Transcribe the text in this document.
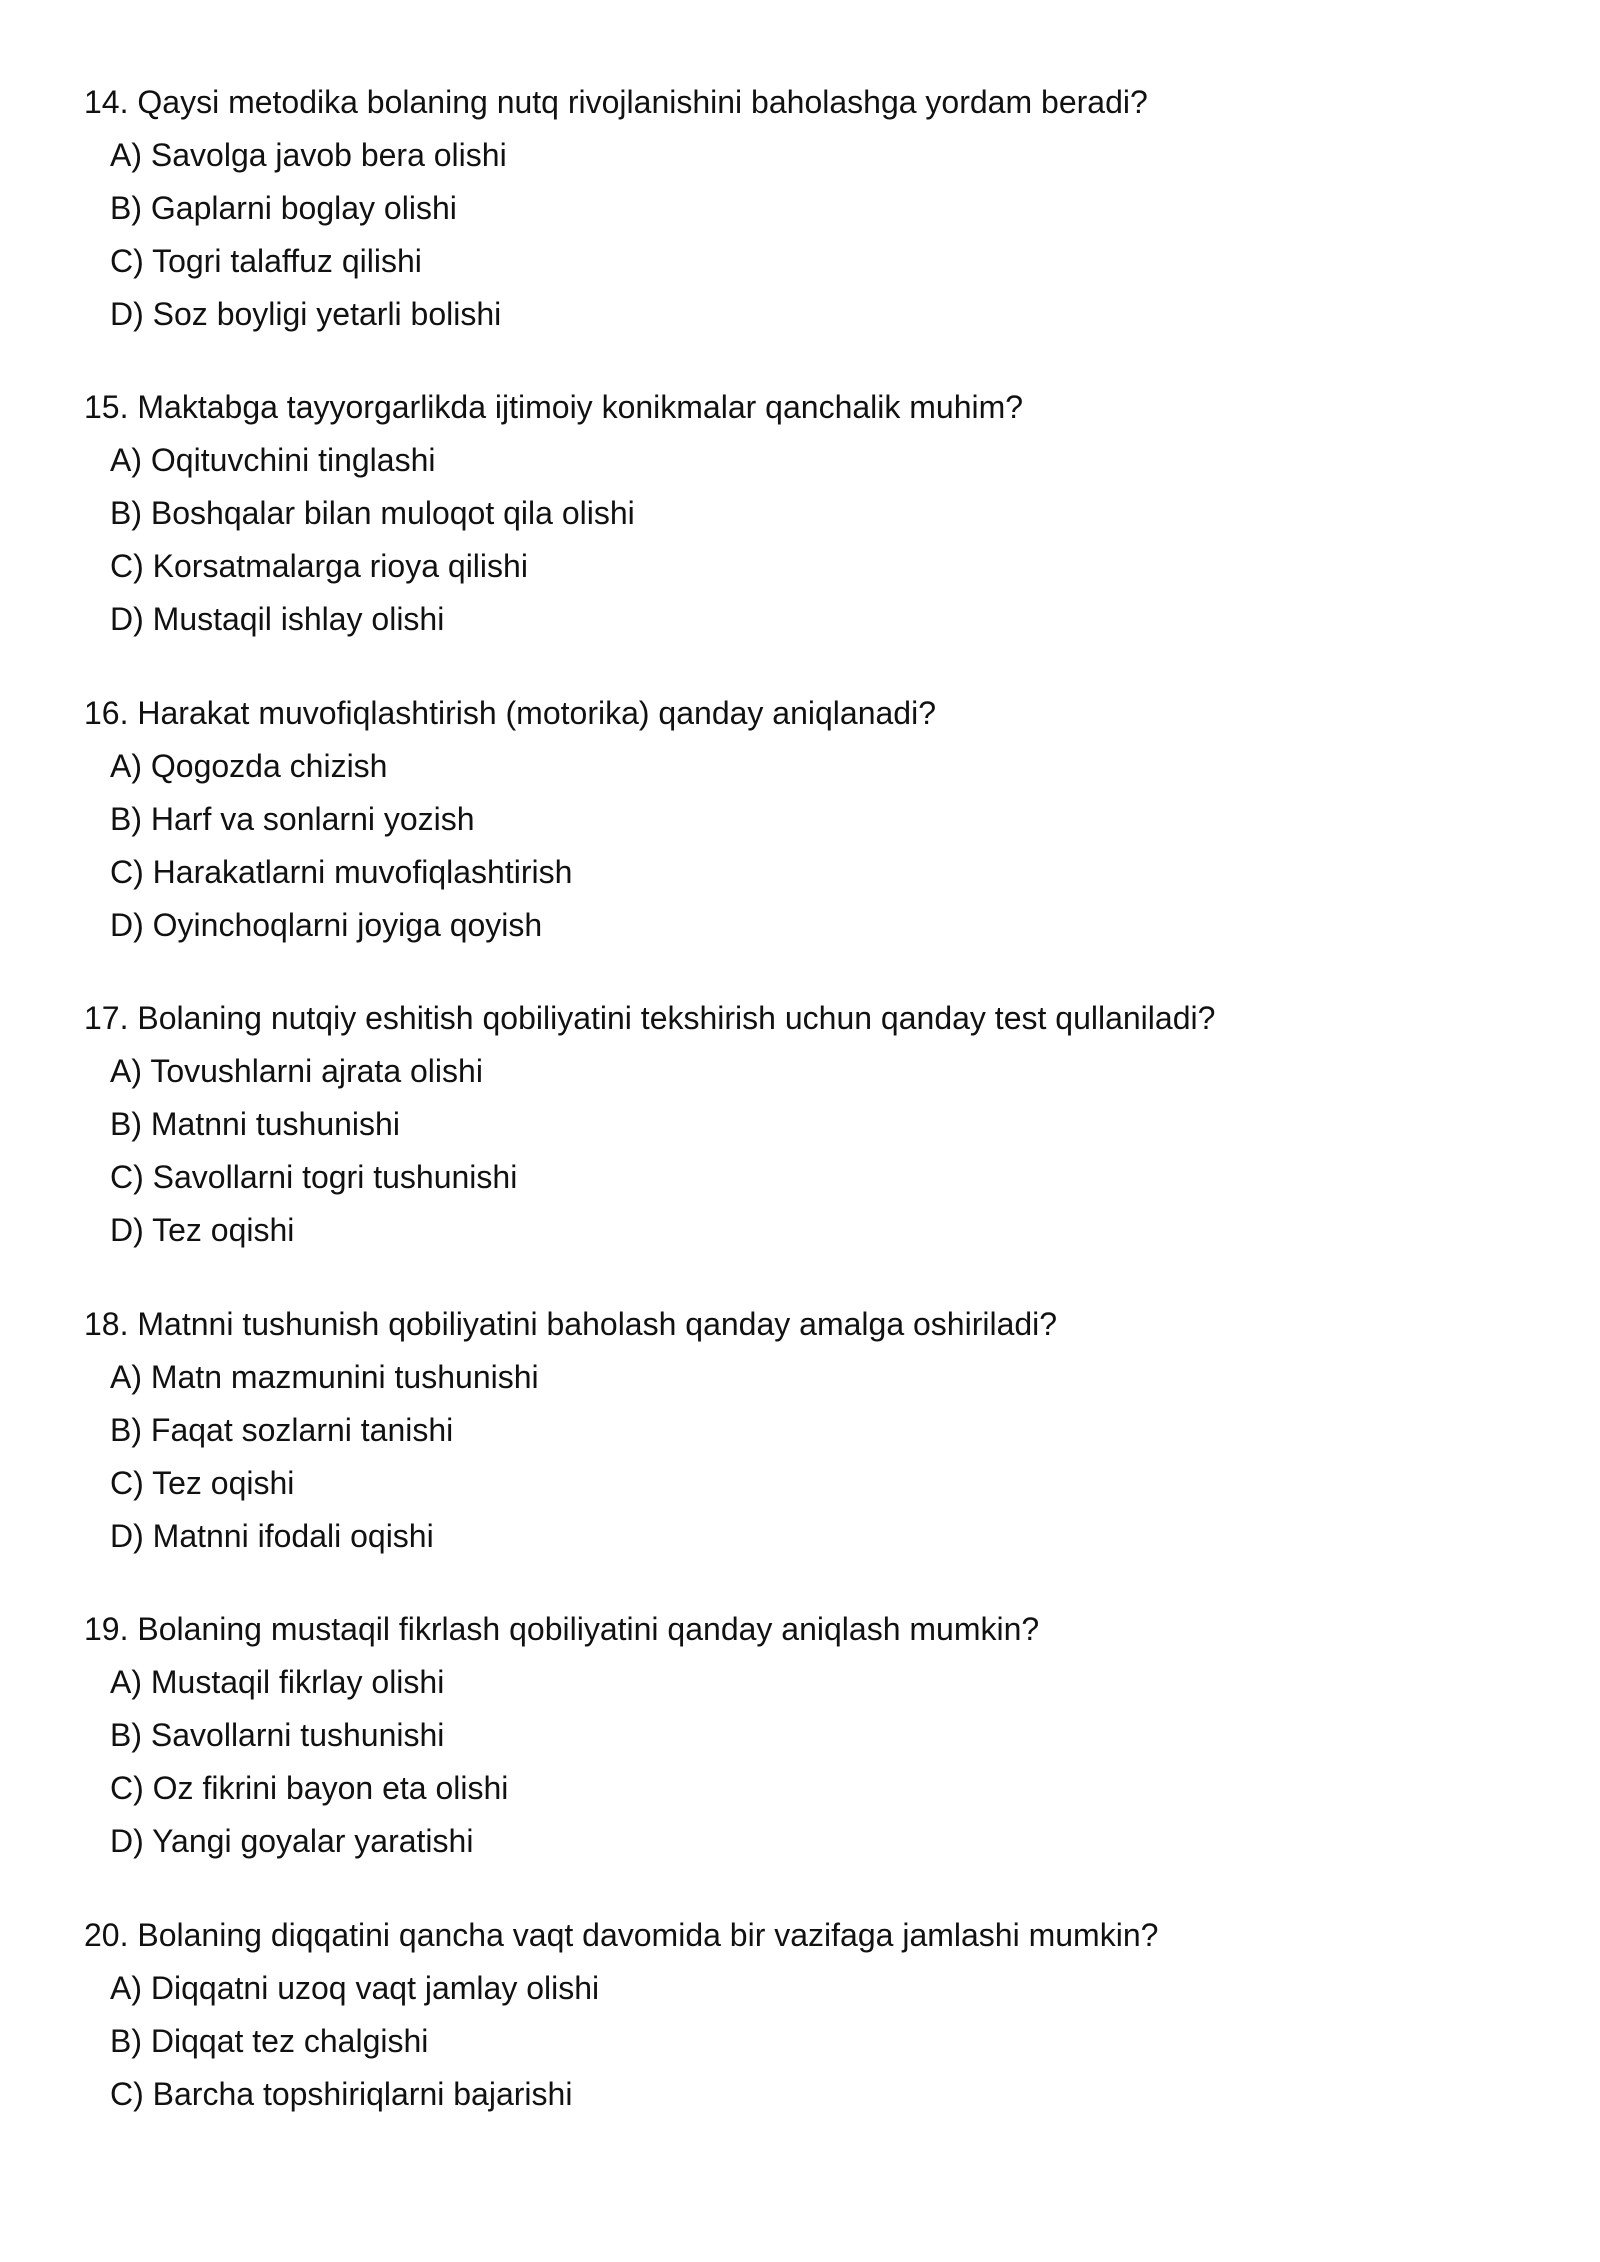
14. Qaysi metodika bolaning nutq rivojlanishini baholashga yordam beradi?

A) Savolga javob bera olishi

B) Gaplarni boglay olishi

C) Togri talaffuz qilishi

D) Soz boyligi yetarli bolishi

15. Maktabga tayyorgarlikda ijtimoiy konikmalar qanchalik muhim?

A) Oqituvchini tinglashi

B) Boshqalar bilan muloqot qila olishi

C) Korsatmalarga rioya qilishi

D) Mustaqil ishlay olishi

16. Harakat muvofiqlashtirish (motorika) qanday aniqlanadi?

A) Qogozda chizish

B) Harf va sonlarni yozish

C) Harakatlarni muvofiqlashtirish

D) Oyinchoqlarni joyiga qoyish

17. Bolaning nutqiy eshitish qobiliyatini tekshirish uchun qanday test qullaniladi?

A) Tovushlarni ajrata olishi

B) Matnni tushunishi

C) Savollarni togri tushunishi

D) Tez oqishi

18. Matnni tushunish qobiliyatini baholash qanday amalga oshiriladi?

A) Matn mazmunini tushunishi

B) Faqat sozlarni tanishi

C) Tez oqishi

D) Matnni ifodali oqishi

19. Bolaning mustaqil fikrlash qobiliyatini qanday aniqlash mumkin?

A) Mustaqil fikrlay olishi

B) Savollarni tushunishi

C) Oz fikrini bayon eta olishi

D) Yangi goyalar yaratishi

20. Bolaning diqqatini qancha vaqt davomida bir vazifaga jamlashi mumkin?

A) Diqqatni uzoq vaqt jamlay olishi

B) Diqqat tez chalgishi

C) Barcha topshiriqlarni bajarishi
